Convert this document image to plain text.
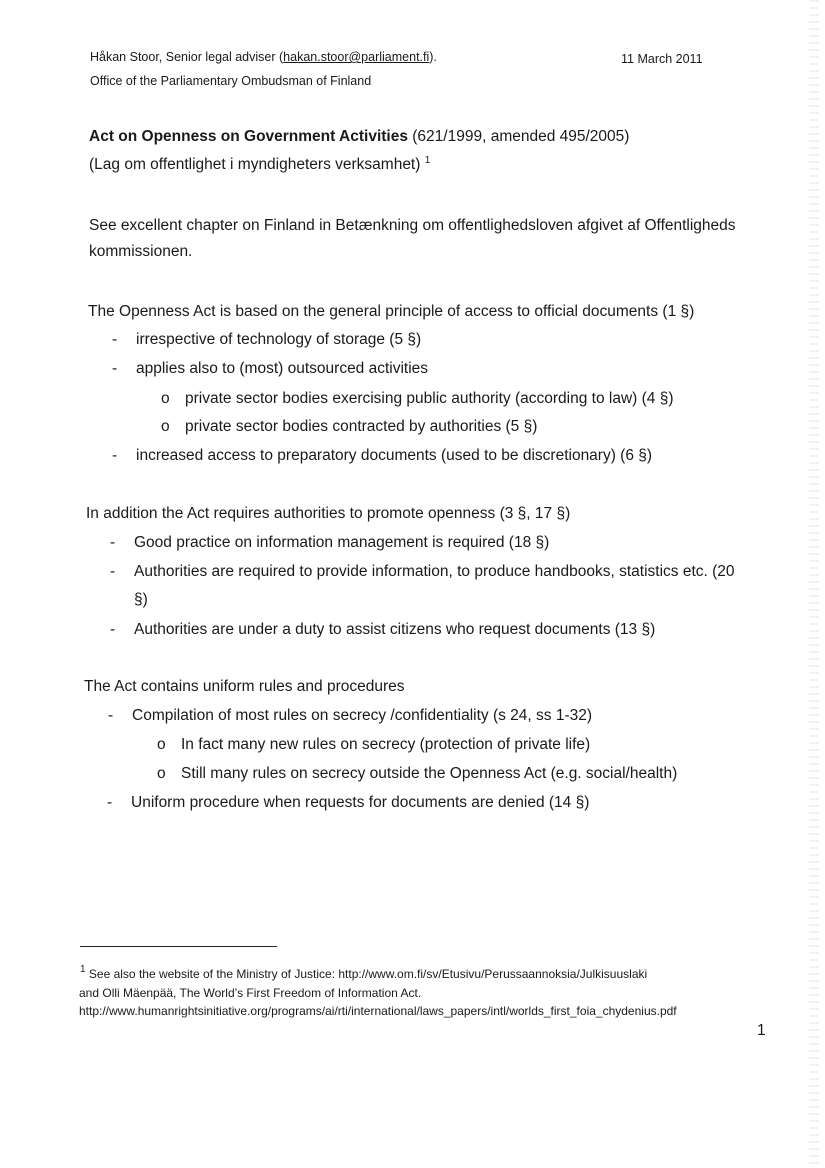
Håkan Stoor, Senior legal adviser (hakan.stoor@parliament.fi).
Office of the Parliamentary Ombudsman of Finland
11 March 2011
Act on Openness on Government Activities (621/1999, amended 495/2005)
(Lag om offentlighet i myndigheters verksamhet) $^1$
See excellent chapter on Finland in Betænkning om offentlighedsloven afgivet af Offentligheds
kommissionen.
The Openness Act is based on the general principle of access to official documents (1 §)
- irrespective of technology of storage (5 §)
- applies also to (most) outsourced activities
o private sector bodies exercising public authority (according to law) (4 §)
o private sector bodies contracted by authorities (5 §)
- increased access to preparatory documents (used to be discretionary) (6 §)
In addition the Act requires authorities to promote openness (3 §, 17 §)
- Good practice on information management is required (18 §)
- Authorities are required to provide information, to produce handbooks, statistics etc. (20
§)
- Authorities are under a duty to assist citizens who request documents (13 §)
The Act contains uniform rules and procedures
- Compilation of most rules on secrecy /confidentiality (s 24, ss 1-32)
o In fact many new rules on secrecy (protection of private life)
o Still many rules on secrecy outside the Openness Act (e.g. social/health)
- Uniform procedure when requests for documents are denied (14 §)
$^1$ See also the website of the Ministry of Justice: http://www.om.fi/sv/Etusivu/Perussaannoksia/Julkisuuslaki
and Olli Mäenpää, The World’s First Freedom of Information Act.
http://www.humanrightsinitiative.org/programs/ai/rti/international/laws_papers/intl/worlds_first_foia_chydenius.pdf
1
